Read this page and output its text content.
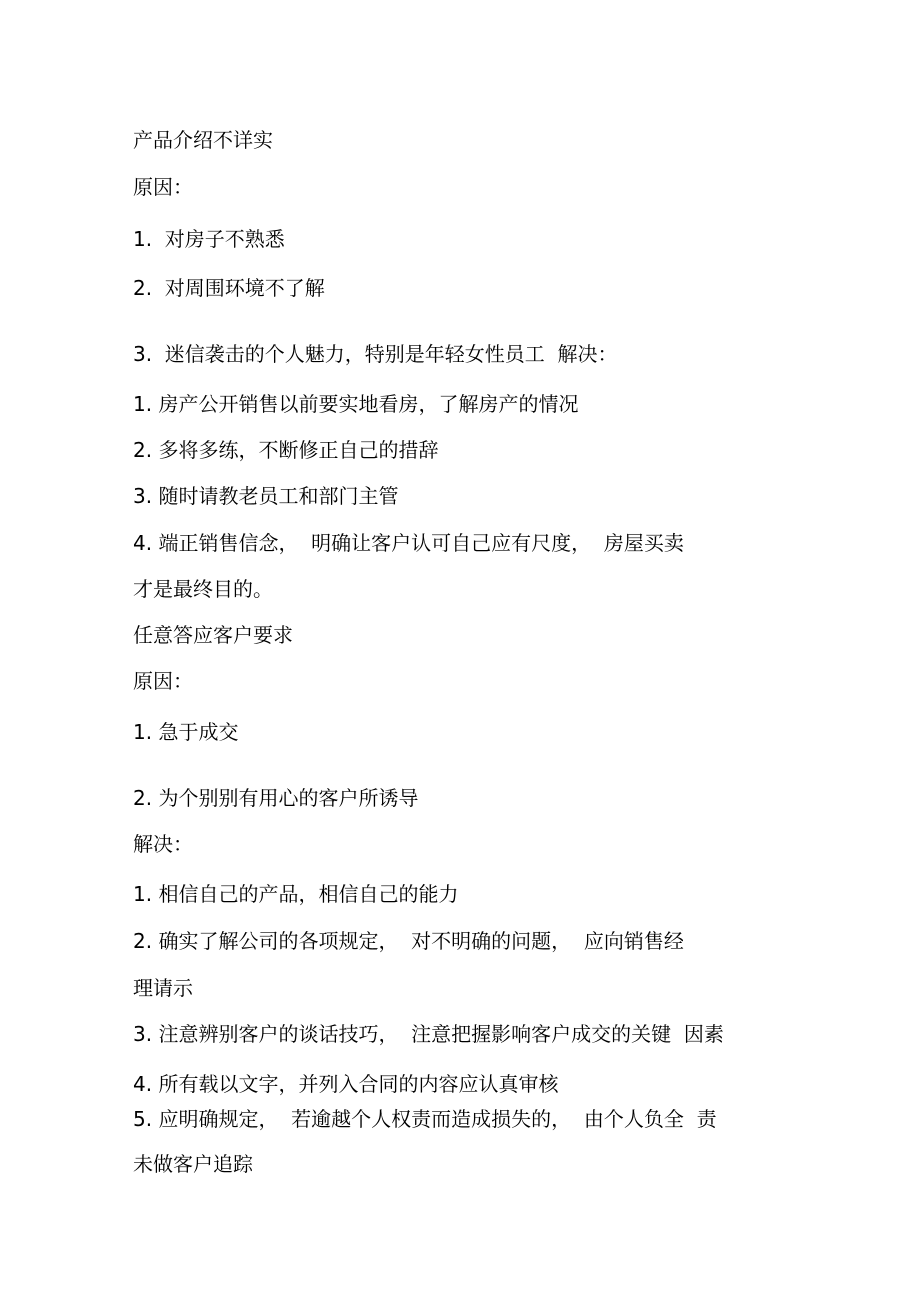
产品介绍不详实
原因：
1.  对房子不熟悉
2.  对周围环境不了解
3.  迷信袭击的个人魅力，特别是年轻女性员工  解决：
1. 房产公开销售以前要实地看房，了解房产的情况
2. 多将多练，不断修正自己的措辞
3. 随时请教老员工和部门主管
4. 端正销售信念，  明确让客户认可自己应有尺度，  房屋买卖
才是最终目的。
任意答应客户要求
原因：
1. 急于成交
2. 为个别别有用心的客户所诱导
解决：
1. 相信自己的产品，相信自己的能力
2. 确实了解公司的各项规定，  对不明确的问题，  应向销售经
理请示
3. 注意辨别客户的谈话技巧，  注意把握影响客户成交的关键  因素
4. 所有载以文字，并列入合同的内容应认真审核
5. 应明确规定，  若逾越个人权责而造成损失的，  由个人负全  责
未做客户追踪
